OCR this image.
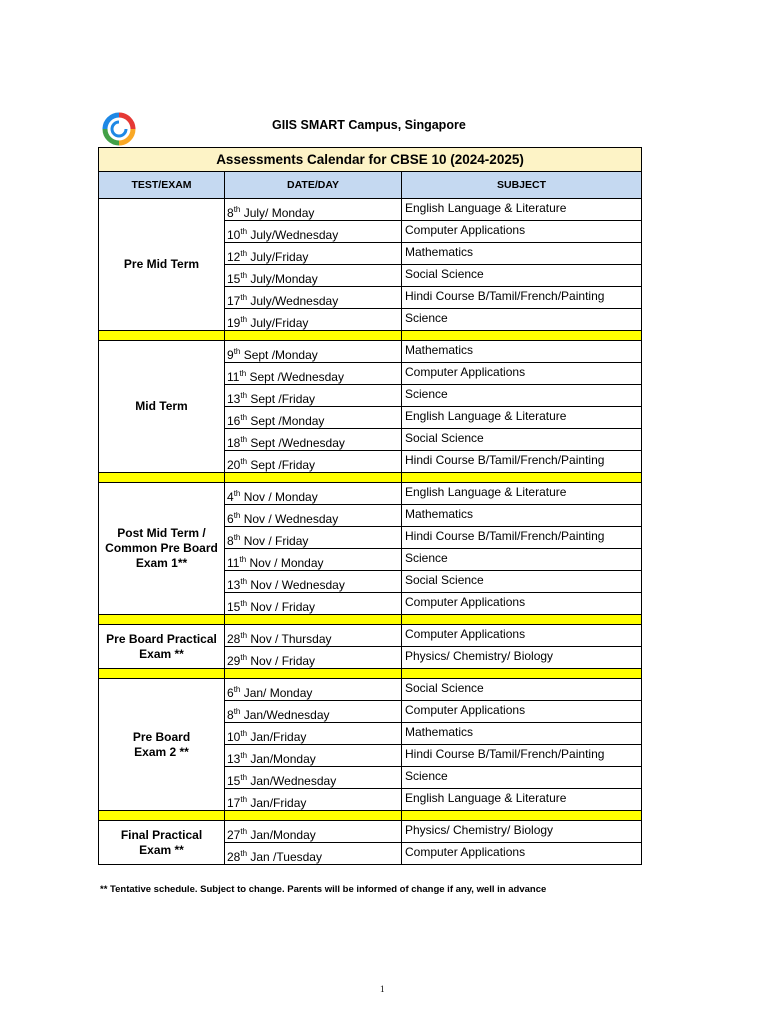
GIIS SMART Campus, Singapore
Assessments Calendar for CBSE 10 (2024-2025)		
TEST/EXAM	DATE/DAY	SUBJECT
Pre Mid Term	8th July/ Monday	English Language & Literature
	10th July/Wednesday	Computer Applications
	12th July/Friday	Mathematics
	15th July/Monday	Social Science
	17th July/Wednesday	Hindi Course B/Tamil/French/Painting
	19th July/Friday	Science

Mid Term	9th Sept /Monday	Mathematics
	11th Sept /Wednesday	Computer Applications
	13th Sept /Friday	Science
	16th Sept /Monday	English Language & Literature
	18th Sept /Wednesday	Social Science
	20th Sept /Friday	Hindi Course B/Tamil/French/Painting

Post Mid Term /
Common Pre Board
Exam 1**	4th Nov / Monday	English Language & Literature
	6th Nov / Wednesday	Mathematics
	8th Nov / Friday	Hindi Course B/Tamil/French/Painting
	11th Nov / Monday	Science
	13th Nov / Wednesday	Social Science
	15th Nov / Friday	Computer Applications

Pre Board Practical
Exam **	28th Nov / Thursday	Computer Applications
	29th Nov / Friday	Physics/ Chemistry/ Biology

Pre Board
Exam 2 **	6th Jan/ Monday	Social Science
	8th Jan/Wednesday	Computer Applications
	10th Jan/Friday	Mathematics
	13th Jan/Monday	Hindi Course B/Tamil/French/Painting
	15th Jan/Wednesday	Science
	17th Jan/Friday	English Language & Literature

Final Practical
Exam **	27th Jan/Monday	Physics/ Chemistry/ Biology
	28th Jan /Tuesday	Computer Applications
** Tentative schedule. Subject to change. Parents will be informed of change if any, well in advance
1
